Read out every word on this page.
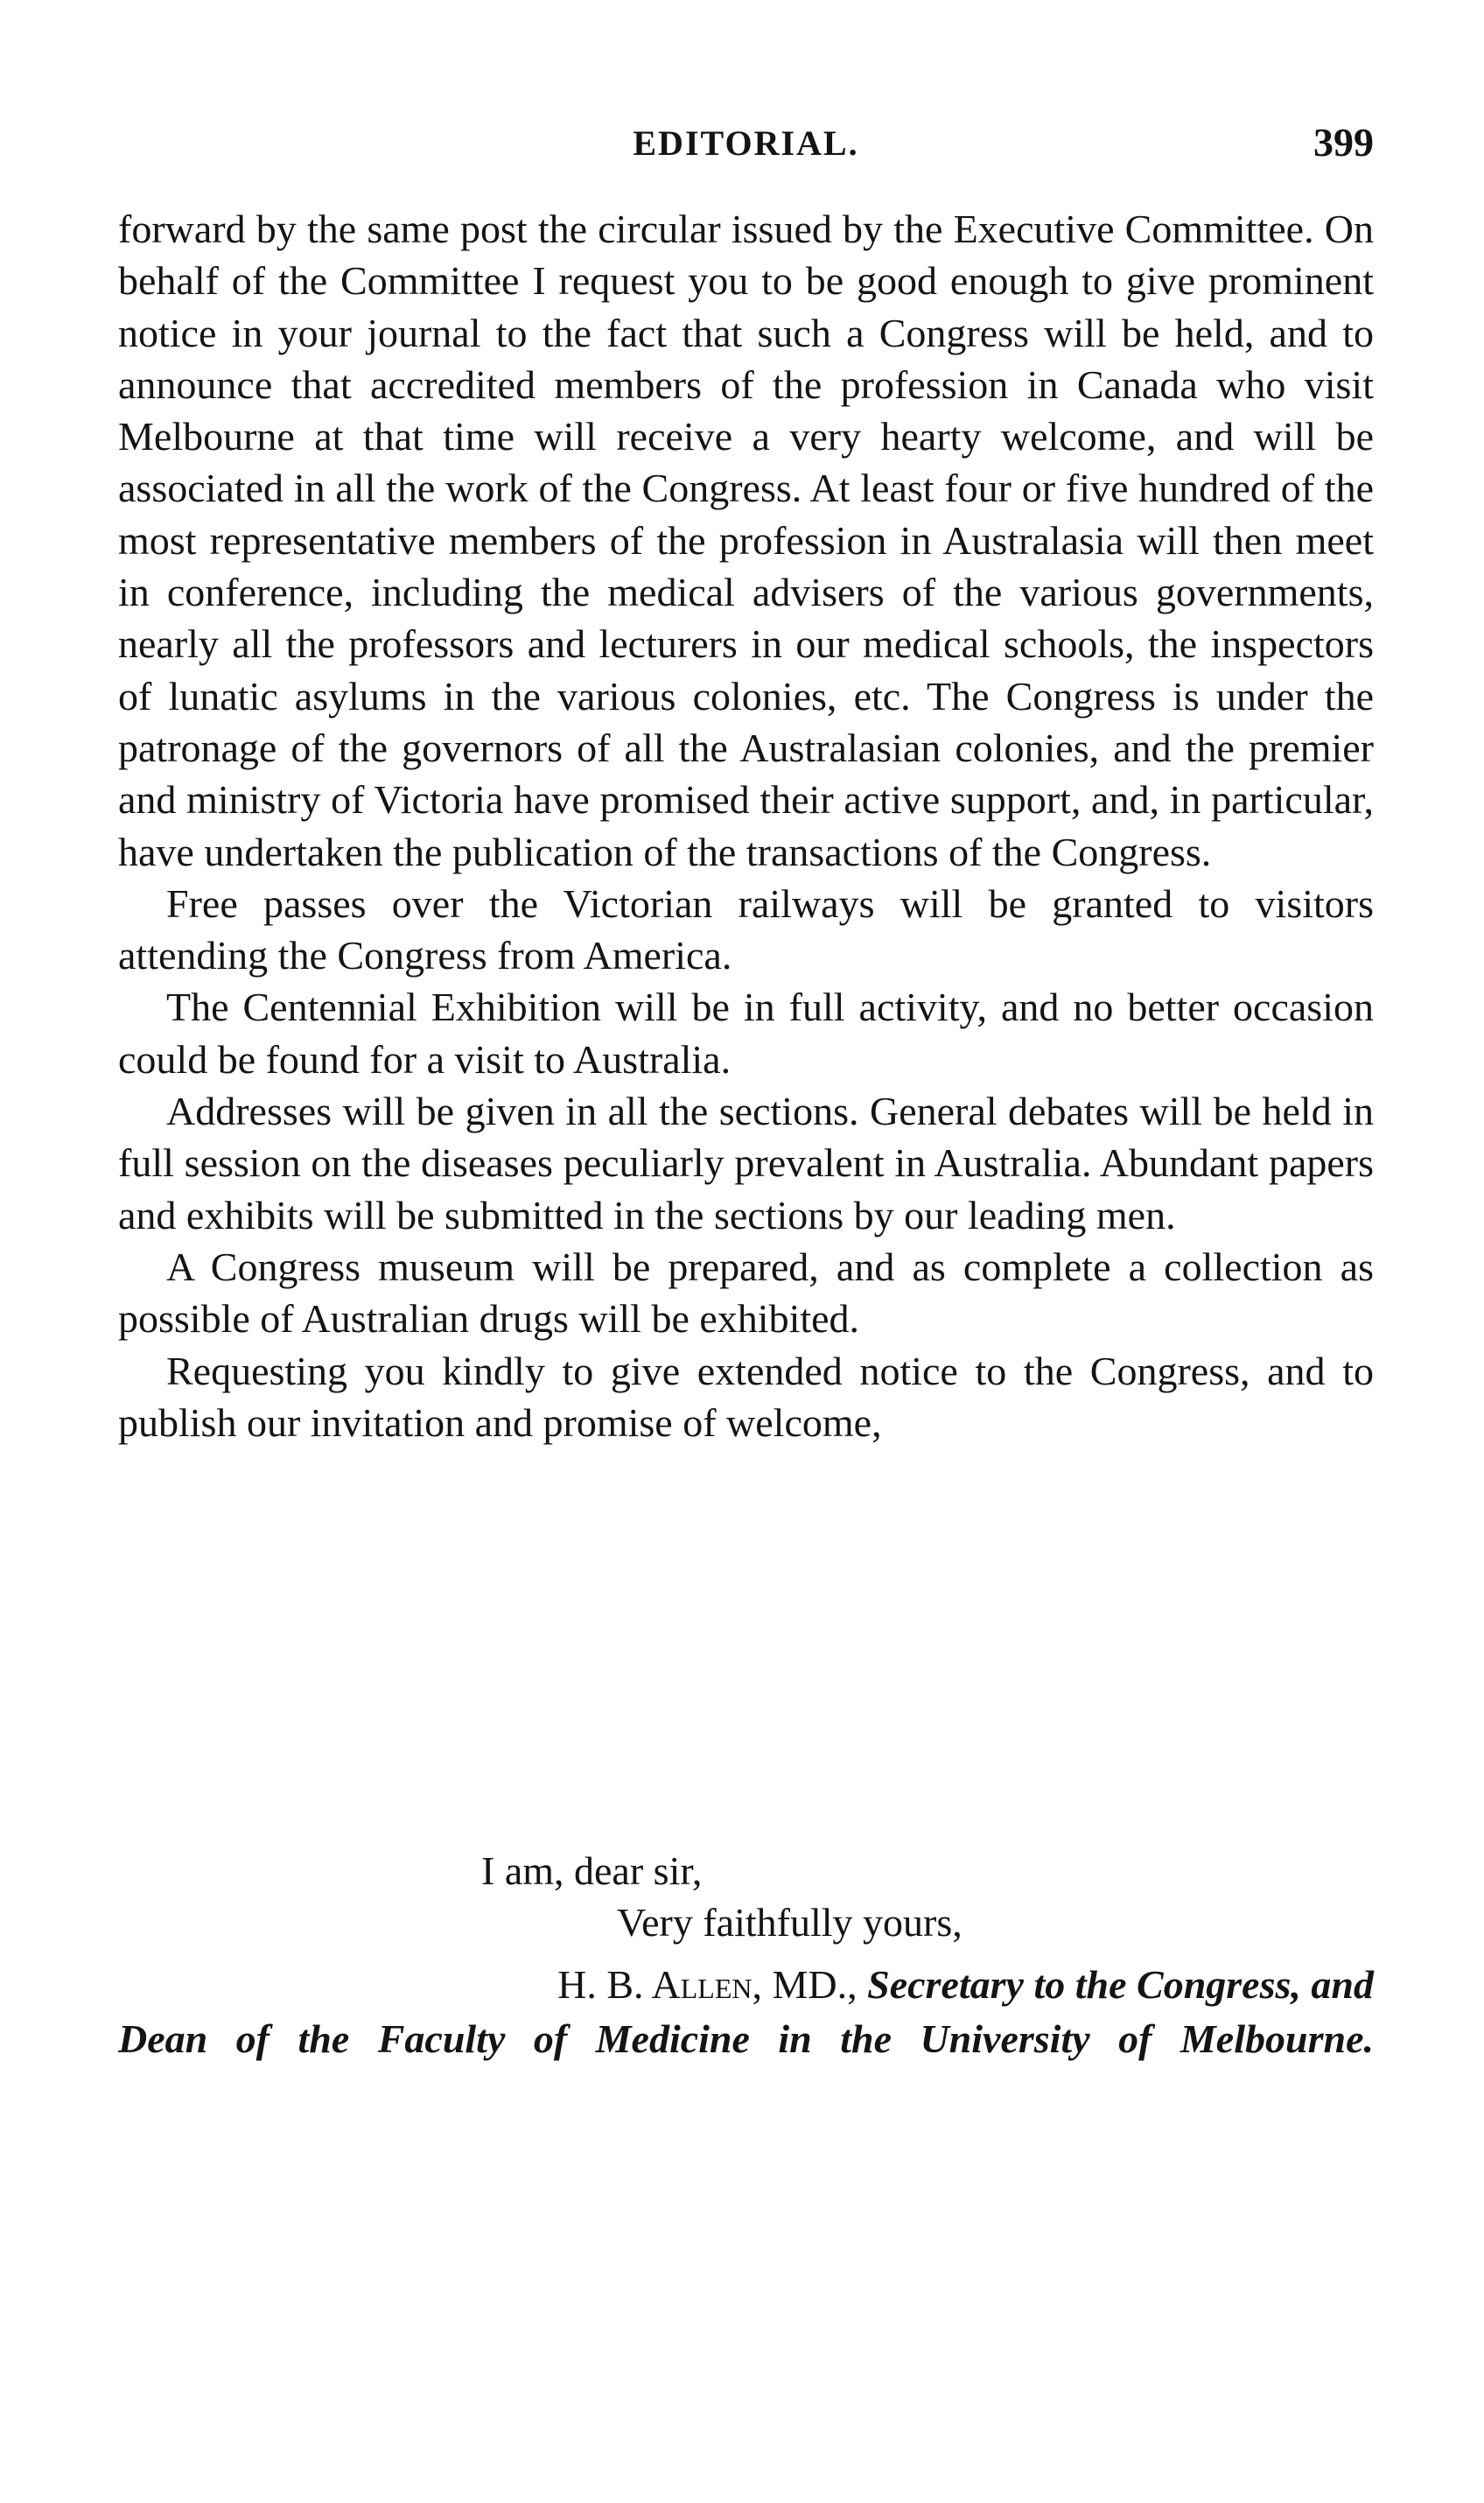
EDITORIAL.	399

forward by the same post the circular issued by the Executive Committee. On behalf of the Committee I request you to be good enough to give prominent notice in your journal to the fact that such a Congress will be held, and to announce that accredited members of the profession in Canada who visit Melbourne at that time will receive a very hearty welcome, and will be associated in all the work of the Congress. At least four or five hundred of the most representative members of the profession in Australasia will then meet in conference, including the medical advisers of the various governments, nearly all the professors and lecturers in our medical schools, the inspectors of lunatic asylums in the various colonies, etc. The Congress is under the patronage of the governors of all the Australasian colonies, and the premier and ministry of Victoria have promised their active support, and, in particular, have undertaken the publication of the transactions of the Congress.

Free passes over the Victorian railways will be granted to visitors attending the Congress from America.

The Centennial Exhibition will be in full activity, and no better occasion could be found for a visit to Australia.

Addresses will be given in all the sections. General debates will be held in full session on the diseases peculiarly prevalent in Australia. Abundant papers and exhibits will be submitted in the sections by our leading men.

A Congress museum will be prepared, and as complete a collection as possible of Australian drugs will be exhibited.

Requesting you kindly to give extended notice to the Congress, and to publish our invitation and promise of welcome,

I am, dear sir,
Very faithfully yours,
H. B. Allen, MD., Secretary to the Congress, and
Dean of the Faculty of Medicine in the University of Melbourne.
